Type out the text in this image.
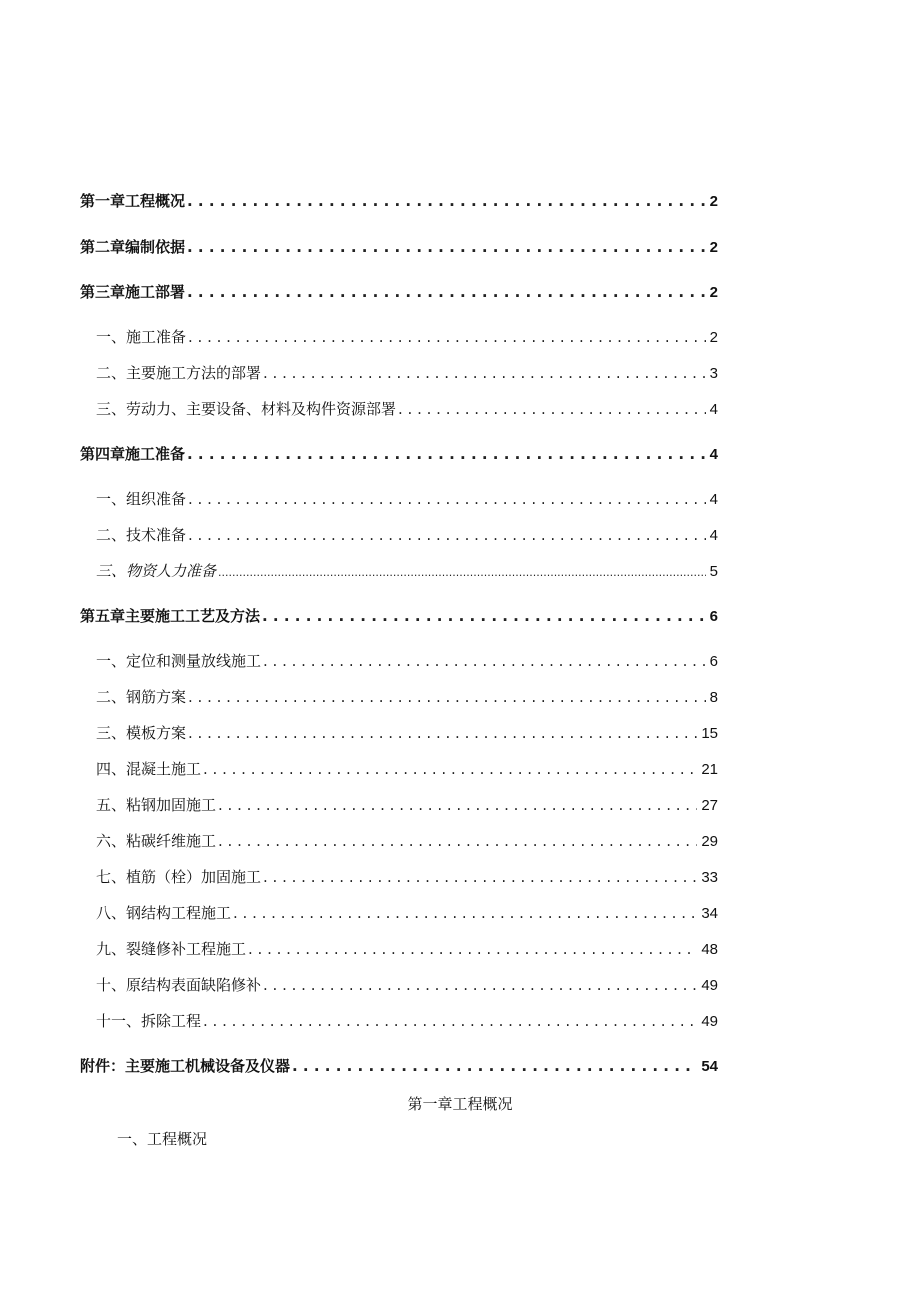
第一章工程概况 . . .	2
第二章编制依据 . . .	2
第三章施工部署 . . .	2
一、施工准备 . . .	2
二、主要施工方法的部署 . . .	3
三、劳动力、主要设备、材料及构件资源部署 . . .	4
第四章施工准备 . . .	4
一、组织准备 . . .	4
二、技术准备 . . .	4
三、物资人力准备 .....	5
第五章主要施工工艺及方法 . . .	6
一、定位和测量放线施工 . . .	6
二、钢筋方案 . . .	8
三、模板方案 . . .	15
四、混凝土施工 . . .	21
五、粘钢加固施工 . . .	27
六、粘碳纤维施工 . . .	29
七、植筋（栓）加固施工 . . .	33
八、钢结构工程施工 . . .	34
九、裂缝修补工程施工 . . .	48
十、原结构表面缺陷修补 . . .	49
十一、拆除工程 . . .	49
附件：主要施工机械设备及仪器 . . .	54
第一章工程概况
一、工程概况
